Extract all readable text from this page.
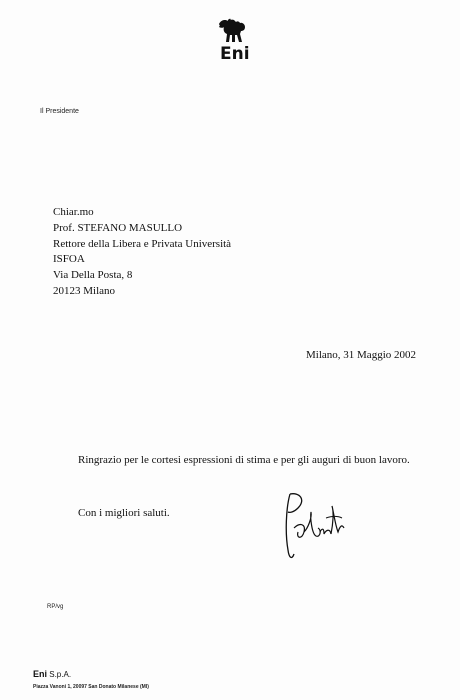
Eni
Il Presidente
Chiar.mo
Prof. STEFANO MASULLO
Rettore della Libera e Privata Università
ISFOA
Via Della Posta, 8
20123 Milano
Milano, 31 Maggio 2002
Ringrazio per le cortesi espressioni di stima e per gli auguri di buon lavoro.
Con i migliori saluti.
RP/vg
Eni S.p.A.
Piazza Vanoni 1, 20097 San Donato Milanese (MI)
